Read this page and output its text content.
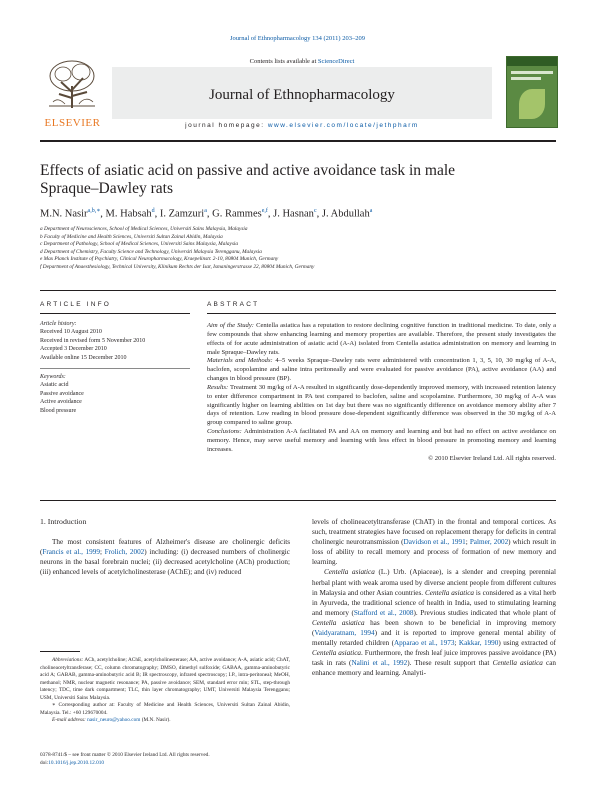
Journal of Ethnopharmacology 134 (2011) 203–209
ELSEVIER
Contents lists available at ScienceDirect
Journal of Ethnopharmacology
journal homepage: www.elsevier.com/locate/jethpharm
Effects of asiatic acid on passive and active avoidance task in male
Spraque–Dawley rats
M.N. Nasir$^{a,b,∗}$, M. Habsah$^d$, I. Zamzuri$^a$, G. Rammes$^{e,f}$, J. Hasnan$^c$, J. Abdullah$^a$
a Department of Neurosciences, School of Medical Sciences, Universiti Sains Malaysia, Malaysia
b Faculty of Medicine and Health Sciences, Universiti Sultan Zainal Abidin, Malaysia
c Department of Pathology, School of Medical Sciences, Universiti Sains Malaysia, Malaysia
d Department of Chemistry, Faculty Science and Technology, Universiti Malaysia Terengganu, Malaysia
e Max Planck Institute of Psychiatry, Clinical Neuropharmacology, Kraepelinstr. 2-10, 80804 Munich, Germany
f Department of Anaesthesiology, Technical University, Klinikum Rechts der Isar, Ismaningerstrasse 22, 80804 Munich, Germany
ARTICLE INFO
Article history:
Received 10 August 2010
Received in revised form 5 November 2010
Accepted 3 December 2010
Available online 15 December 2010
Keywords:
Asiatic acid
Passive avoidance
Active avoidance
Blood pressure
ABSTRACT

Aim of the Study: Centella asiatica has a reputation to restore declining cognitive function in traditional medicine. To date, only a few compounds that show enhancing learning and memory properties are available. Therefore, the present study investigates the effects of for acute administration of asiatic acid (A-A) isolated from Centella asiatica administration on memory and learning in male Spraque–Dawley rats.

Materials and Methods: 4–5 weeks Spraque–Dawley rats were administered with concentration 1, 3, 5, 10, 30 mg/kg of A-A, baclofen, scopolamine and saline intra peritoneally and were evaluated for passive avoidance (PA), active avoidance (AA) and changes in blood pressure (BP).

Results: Treatment 30 mg/kg of A-A resulted in significantly dose-dependently improved memory, with increased retention latency to enter difference compartment in PA test compared to baclofen, saline and scopolamine. Furthermore, 30 mg/kg of A-A was significantly higher on learning abilities on 1st day but there was no significantly difference on avoidance memory ability after 7 days of retention. Low reading in blood pressure dose-dependent significantly difference was observed in the 30 mg/kg of A-A group compared to saline group.

Conclusions: Administration A-A facilitated PA and AA on memory and learning and but had no effect on active avoidance on memory. Hence, may serve useful memory and learning with less effect in blood pressure in promoting memory and learning increases.

© 2010 Elsevier Ireland Ltd. All rights reserved.

1. Introduction

The most consistent features of Alzheimer's disease are cholinergic deficits (Francis et al., 1999; Frolich, 2002) including: (i) decreased numbers of cholinergic neurons in the basal forebrain nuclei; (ii) decreased acetylcholine (ACh) production; (iii) enhanced levels of acetylcholinesterase (AChE); and (iv) reduced

levels of cholineacetyltransferase (ChAT) in the frontal and temporal cortices. As such, treatment strategies have focused on replacement therapy for deficits in central cholinergic neurotransmission (Davidson et al., 1991; Palmer, 2002) which result in loss of ability to recall memory and process of formation of new memory and learning.

Centella asiatica (L.) Urb. (Apiaceae), is a slender and creeping perennial herbal plant with weak aroma used by diverse ancient people from different cultures in Malaysia and other Asian countries. Centella asiatica is considered as a vital herb in Ayurveda, the traditional science of health in India, used to stimulating learning and memory (Stafford et al., 2008). Previous studies indicated that whole plant of Centella asiatica has been shown to be beneficial in improving memory (Vaidyaratnam, 1994) and it is reported to improve general mental ability of mentally retarded children (Apparao et al., 1973; Kakkar, 1990) using extracted of Centella asiatica. Furthermore, the fresh leaf juice improves passive avoidance (PA) task in rats (Nalini et al., 1992). These result support that Centella asiatica can enhance memory and learning. Analyti-

Abbreviations: ACh, acetylcholine; AChE, acetylcholinesterase; AA, active avoidance; A-A, asiatic acid; ChAT, cholineacetyltransferase; CC, column chromatography; DMSO, dimethyl sulfoxide; GABAA, gamma-aminobutyric acid A; GABAB, gamma-aminobutyric acid B; IR spectroscopy, infrared spectroscopy; I.P., intra-peritoneal; MeOH, methanol; NMR, nuclear magnetic resonance; PA, passive avoidance; SEM, standard error min; STL, step-through latency; TDC, time dark compartment; TLC, thin layer chromatography; UMT, Universiti Malaysia Terengganu; USM, Universiti Sains Malaysia.

∗ Corresponding author at: Faculty of Medicine and Health Sciences, Universiti Sultan Zainal Abidin, Malaysia. Tel.: +60 129670004.

E-mail address: nasir_neuro@yahoo.com (M.N. Nasir).

0378-8741/$ – see front matter © 2010 Elsevier Ireland Ltd. All rights reserved.
doi:10.1016/j.jep.2010.12.010
